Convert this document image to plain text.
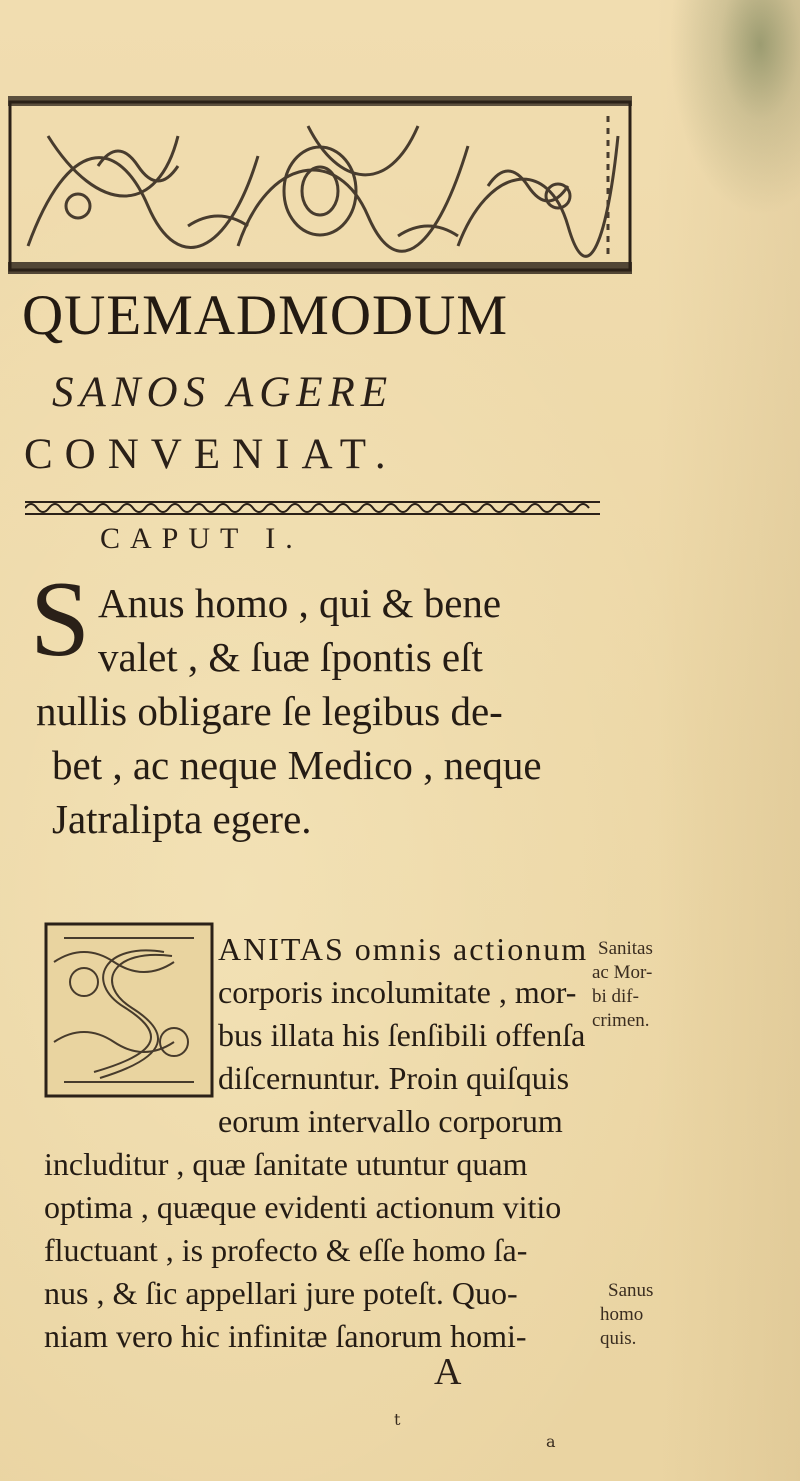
QUEMADMODUM
SANOS AGERE
CONVENIAT.
CAPUT I.
S Anus homo , qui & bene
valet , & ſuæ ſpontis eſt
nullis obligare ſe legibus de-
bet , ac neque Medico , neque
Jatralipta egere.
ANITAS omnis actionum
corporis incolumitate , mor-
bus illata his ſenſibili offenſa
diſcernuntur. Proin quiſquis
eorum intervallo corporum
includitur , quæ ſanitate utuntur quam
optima , quæque evidenti actionum vitio
fluctuant , is profecto & eſſe homo ſa-
nus , & ſic appellari jure poteſt. Quo-
niam vero hic infinitæ ſanorum homi-
Sanitas
ac Mor-
bi dif-
crimen.
Sanus
homo
quis.
A
t
a
